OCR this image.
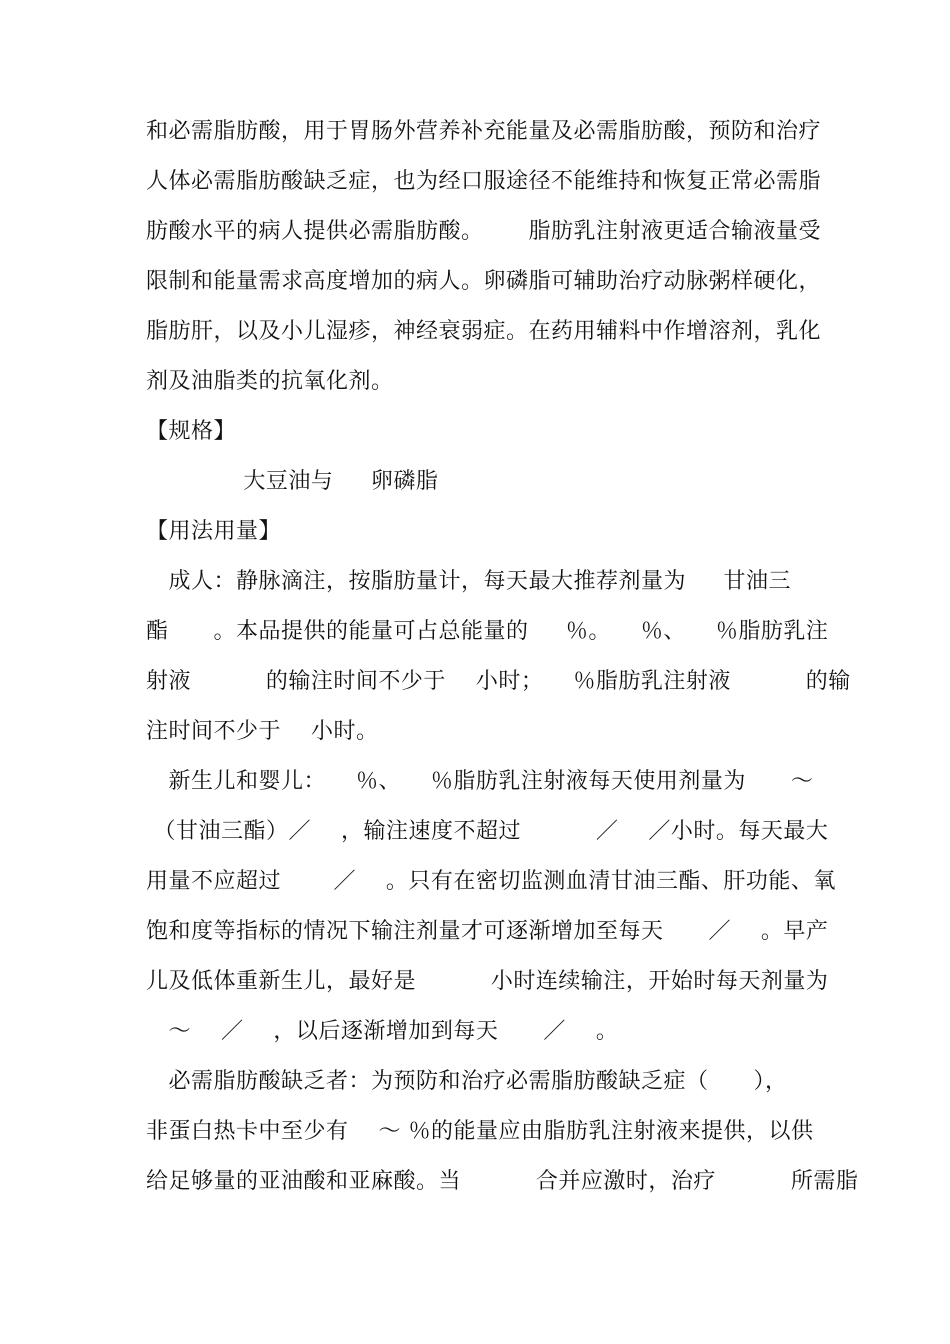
和必需脂肪酸，用于胃肠外营养补充能量及必需脂肪酸，预防和治疗
人体必需脂肪酸缺乏症，也为经口服途径不能维持和恢复正常必需脂
肪酸水平的病人提供必需脂肪酸。      脂肪乳注射液更适合输液量受
限制和能量需求高度增加的病人。卵磷脂可辅助治疗动脉粥样硬化，
脂肪肝，以及小儿湿疹，神经衰弱症。在药用辅料中作增溶剂，乳化
剂及油脂类的抗氧化剂。
【规格】
大豆油与     卵磷脂
【用法用量】
成人：静脉滴注，按脂肪量计，每天最大推荐剂量为     甘油三
酯      。本品提供的能量可占总能量的     ％。    ％、    ％脂肪乳注
射液          的输注时间不少于    小时；    ％脂肪乳注射液          的输
注时间不少于    小时。
新生儿和婴儿：    ％、    ％脂肪乳注射液每天使用剂量为      ～
（甘油三酯）／    ，输注速度不超过          ／    ／小时。每天最大
用量不应超过       ／    。只有在密切监测血清甘油三酯、肝功能、氧
饱和度等指标的情况下输注剂量才可逐渐增加至每天      ／    。早产
儿及低体重新生儿，最好是          小时连续输注，开始时每天剂量为
～    ／    ，以后逐渐增加到每天      ／    。
必需脂肪酸缺乏者：为预防和治疗必需脂肪酸缺乏症（      ），
非蛋白热卡中至少有    ～ ％的能量应由脂肪乳注射液来提供，以供
给足够量的亚油酸和亚麻酸。当          合并应激时，治疗          所需脂
